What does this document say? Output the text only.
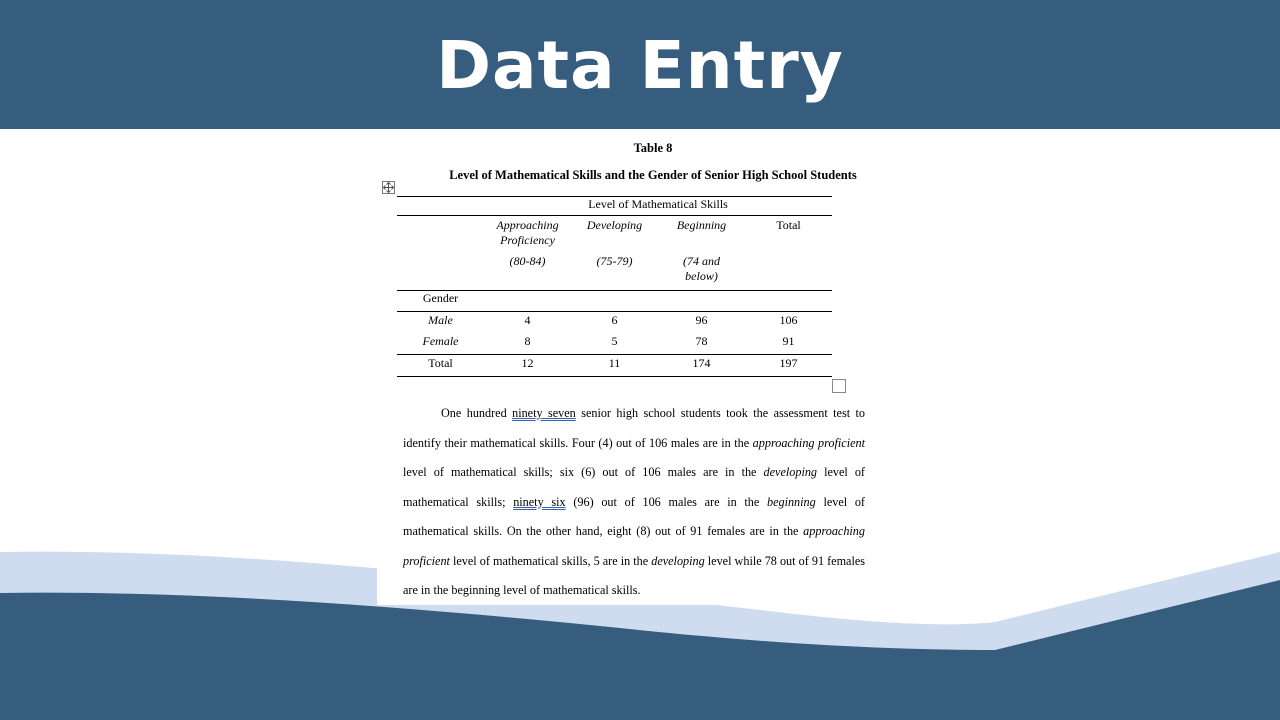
Data Entry
Table 8
Level of Mathematical Skills and the Gender of Senior High School Students
	Level of Mathematical Skills			
	Approaching Proficiency	Developing	Beginning	Total
	(80-84)	(75-79)	(74 and below)	
Gender				
Male	4	6	96	106
Female	8	5	78	91
Total	12	11	174	197
One hundred ninety seven senior high school students took the assessment test to identify their mathematical skills. Four (4) out of 106 males are in the approaching proficient level of mathematical skills; six (6) out of 106 males are in the developing level of mathematical skills; ninety six (96) out of 106 males are in the beginning level of mathematical skills. On the other hand, eight (8) out of 91 females are in the approaching proficient level of mathematical skills, 5 are in the developing level while 78 out of 91 females are in the beginning level of mathematical skills.
